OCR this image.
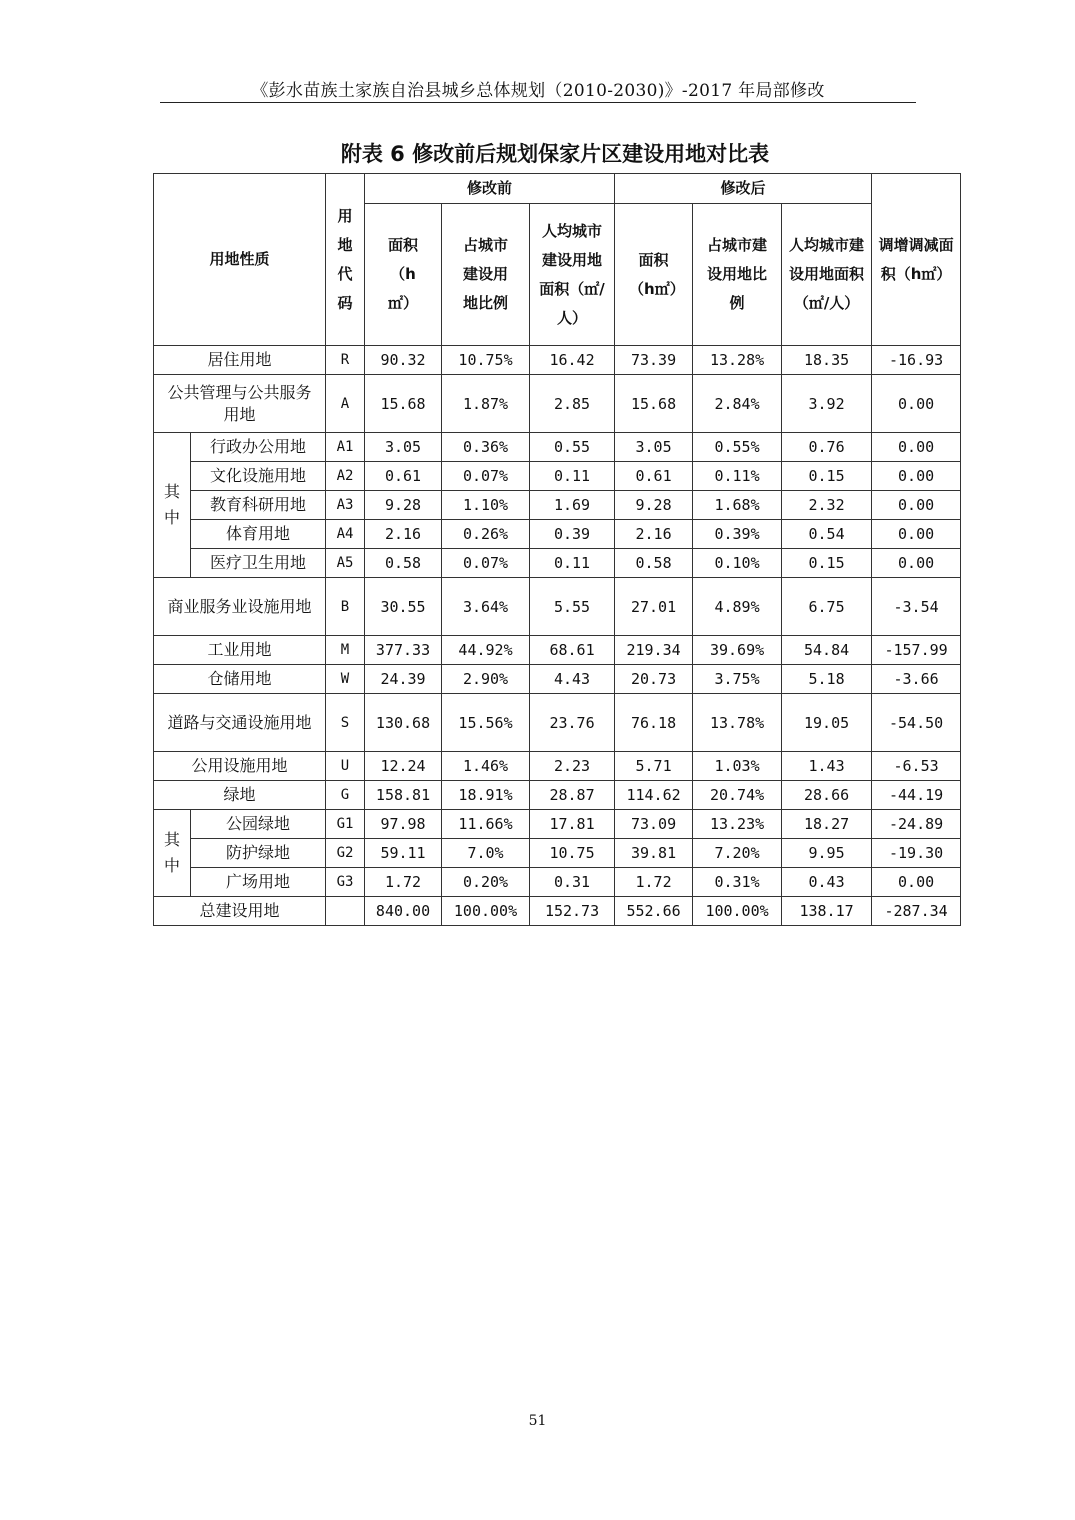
《彭水苗族土家族自治县城乡总体规划（2010-2030)》-2017 年局部修改
附表 6 修改前后规划保家片区建设用地对比表
用地性质		用地代码	修改前			修改后			调增调减面积（h㎡）
			面积（h㎡）	占城市建设用地比例	人均城市建设用地面积（㎡/人）	面积（h㎡）	占城市建设用地比例	人均城市建设用地面积（㎡/人）	
居住用地		R	90.32	10.75%	16.42	73.39	13.28%	18.35	-16.93
公共管理与公共服务用地		A	15.68	1.87%	2.85	15.68	2.84%	3.92	0.00

其中	行政办公用地	A1	3.05	0.36%	0.55	3.05	0.55%	0.76	0.00
	文化设施用地	A2	0.61	0.07%	0.11	0.61	0.11%	0.15	0.00
	教育科研用地	A3	9.28	1.10%	1.69	9.28	1.68%	2.32	0.00
	体育用地	A4	2.16	0.26%	0.39	2.16	0.39%	0.54	0.00
	医疗卫生用地	A5	0.58	0.07%	0.11	0.58	0.10%	0.15	0.00
商业服务业设施用地		B	30.55	3.64%	5.55	27.01	4.89%	6.75	-3.54
工业用地		M	377.33	44.92%	68.61	219.34	39.69%	54.84	-157.99
仓储用地		W	24.39	2.90%	4.43	20.73	3.75%	5.18	-3.66
道路与交通设施用地		S	130.68	15.56%	23.76	76.18	13.78%	19.05	-54.50
公用设施用地		U	12.24	1.46%	2.23	5.71	1.03%	1.43	-6.53
绿地		G	158.81	18.91%	28.87	114.62	20.74%	28.66	-44.19

其中	公园绿地	G1	97.98	11.66%	17.81	73.09	13.23%	18.27	-24.89
	防护绿地	G2	59.11	7.0%	10.75	39.81	7.20%	9.95	-19.30
	广场用地	G3	1.72	0.20%	0.31	1.72	0.31%	0.43	0.00
总建设用地			840.00	100.00%	152.73	552.66	100.00%	138.17	-287.34
51
